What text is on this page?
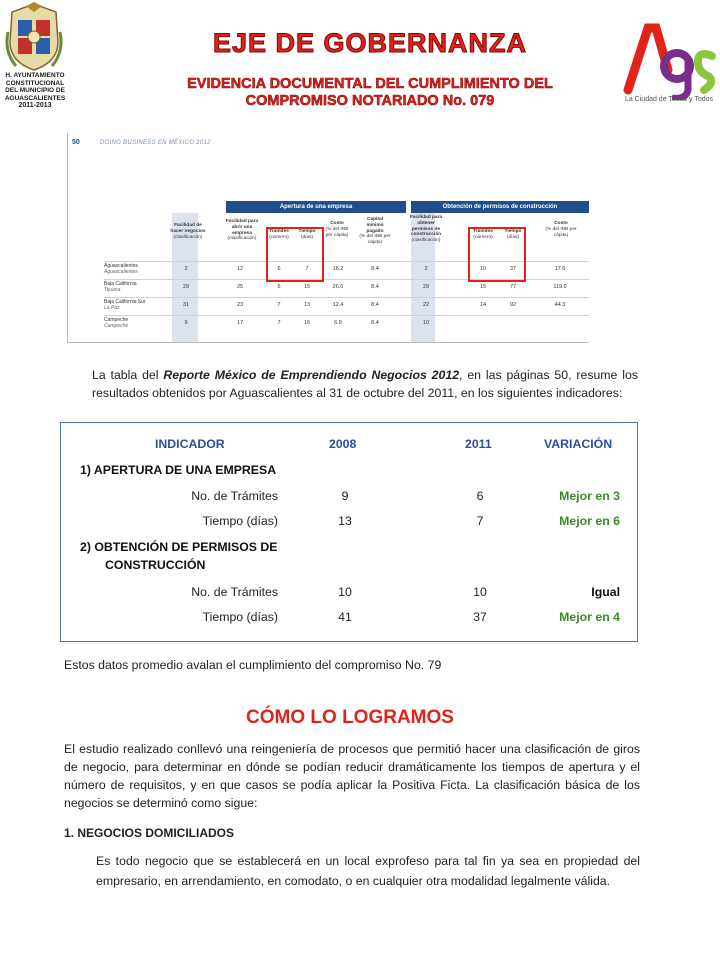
H. AYUNTAMIENTO
CONSTITUCIONAL
DEL MUNICIPIO DE
AGUASCALIENTES
2011-2013
EJE DE GOBERNANZA
EVIDENCIA DOCUMENTAL DEL CUMPLIMIENTO DEL
COMPROMISO NOTARIADO No. 079	La Ciudad de Todas y Todos
50	DOING BUSINESS EN MÉXICO 2012
Apertura de una empresa	Obtención de permisos de construcción
Facilidad de hacer negocios
(clasificación)
Facilidad para abrir una empresa
(clasificación)
Trámites
(número)
Tiempo
(días)
Costo
(% del INB per cápita)
Capital mínimo pagado
(% del INB per cápita)
Facilidad para obtener permisos de construcción
(clasificación)
Trámites
(número)
Tiempo
(días)
Costo
(% del INB per cápita)
Aguascalientes
Aguascalientes	2	12	6	7	16.2	8.4	2	10	37	17.6
Baja California
Tijuana	29	25	6	15	26.6	8.4	29	15	77	119.9
Baja California Sur
La Paz	31	23	7	13	12.4	8.4	22	14	92	44.3
Campeche
Campeche	9	17	7	16	6.9	8.4	10
La tabla del Reporte México de Emprendiendo Negocios 2012, en las páginas 50, resume los resultados obtenidos por Aguascalientes al 31 de octubre del 2011, en los siguientes indicadores:
INDICADOR	2008	2011	VARIACIÓN
1) APERTURA DE UNA EMPRESA
No. de Trámites	9	6	Mejor en 3
Tiempo (días)	13	7	Mejor en 6
2) OBTENCIÓN DE PERMISOS DE
CONSTRUCCIÓN
No. de Trámites	10	10	Igual
Tiempo (días)	41	37	Mejor en 4
Estos datos promedio avalan el cumplimiento del compromiso No. 79
CÓMO LO LOGRAMOS
El estudio realizado conllevó una reingeniería de procesos que permitió hacer una clasificación de giros de negocio, para determinar en dónde se podían reducir dramáticamente los tiempos de apertura y el número de requisitos, y en que casos se podía aplicar la Positiva Ficta. La clasificación básica de los negocios se determinó como sigue:
1. NEGOCIOS DOMICILIADOS
Es todo negocio que se establecerá en un local exprofeso para tal fin ya sea en propiedad del empresario, en arrendamiento, en comodato, o en cualquier otra modalidad legalmente válida.
